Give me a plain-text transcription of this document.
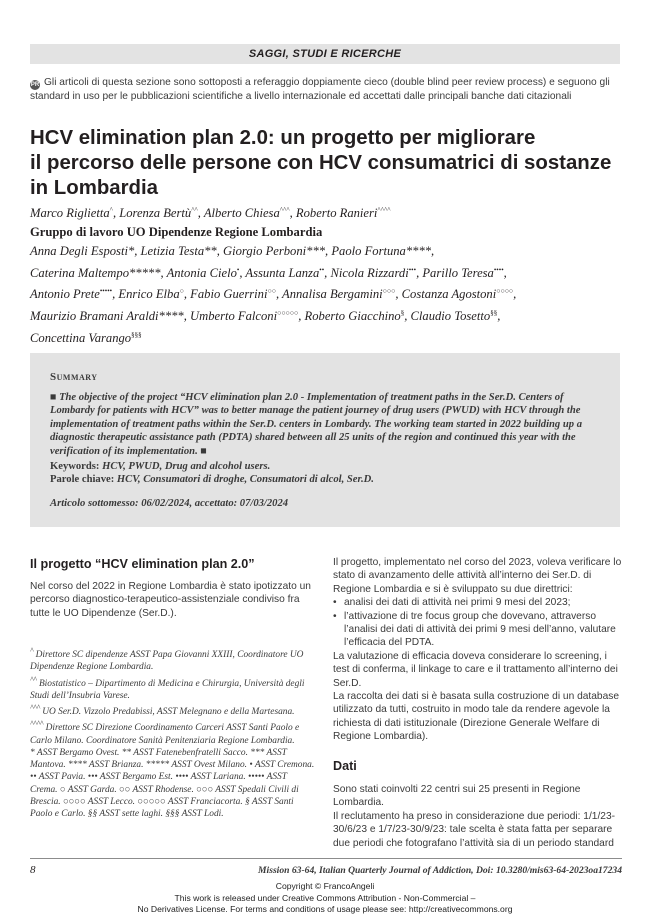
SAGGI, STUDI E RICERCHE
PR Gli articoli di questa sezione sono sottoposti a referaggio doppiamente cieco (double blind peer review process) e seguono gli standard in uso per le pubblicazioni scientifiche a livello internazionale ed accettati dalle principali banche dati citazionali
HCV elimination plan 2.0: un progetto per migliorare
il percorso delle persone con HCV consumatrici di sostanze
in Lombardia
Marco Riglietta^, Lorenza Bertù^^, Alberto Chiesa^^^, Roberto Ranieri^^^^
Gruppo di lavoro UO Dipendenze Regione Lombardia
Anna Degli Esposti*, Letizia Testa**, Giorgio Perboni***, Paolo Fortuna****,
Caterina Maltempo*****, Antonia Cielo•, Assunta Lanza••, Nicola Rizzardi•••, Parillo Teresa••••,
Antonio Prete•••••, Enrico Elba○, Fabio Guerrini○○, Annalisa Bergamini○○○, Costanza Agostoni○○○○,
Maurizio Bramani Araldi****, Umberto Falconi○○○○○, Roberto Giacchino§, Claudio Tosetto§§,
Concettina Varango§§§
Summary
■ The objective of the project “HCV elimination plan 2.0 - Implementation of treatment paths in the Ser.D. Centers of Lombardy for patients with HCV” was to better manage the patient journey of drug users (PWUD) with HCV through the implementation of treatment paths within the Ser.D. centers in Lombardy. The working team started in 2022 building up a diagnostic therapeutic assistance path (PDTA) shared between all 25 units of the region and continued this year with the verification of its implementation. ■
Keywords: HCV, PWUD, Drug and alcohol users.
Parole chiave: HCV, Consumatori di droghe, Consumatori di alcol, Ser.D.
Articolo sottomesso: 06/02/2024, accettato: 07/03/2024
Il progetto “HCV elimination plan 2.0”
Nel corso del 2022 in Regione Lombardia è stato ipotizzato un percorso diagnostico-terapeutico-assistenziale condiviso fra tutte le UO Dipendenze (Ser.D.).

^ Direttore SC dipendenze ASST Papa Giovanni XXIII, Coordinatore UO Dipendenze Regione Lombardia.

^^ Biostatistico – Dipartimento di Medicina e Chirurgia, Università degli Studi dell’Insubria Varese.

^^^ UO Ser.D. Vizzolo Predabissi, ASST Melegnano e della Martesana.

^^^^ Direttore SC Direzione Coordinamento Carceri ASST Santi Paolo e Carlo Milano. Coordinatore Sanità Penitenziaria Regione Lombardia.

* ASST Bergamo Ovest. ** ASST Fatenebenfratelli Sacco. *** ASST Mantova. **** ASST Brianza. ***** ASST Ovest Milano. • ASST Cremona. •• ASST Pavia. ••• ASST Bergamo Est. •••• ASST Lariana. ••••• ASST Crema. ○ ASST Garda. ○○ ASST Rhodense. ○○○ ASST Spedali Civili di Brescia. ○○○○ ASST Lecco. ○○○○○ ASST Franciacorta. § ASST Santi Paolo e Carlo. §§ ASST sette laghi. §§§ ASST Lodi.

Il progetto, implementato nel corso del 2023, voleva verificare lo stato di avanzamento delle attività all’interno dei Ser.D. di Regione Lombardia e si è sviluppato su due direttrici:

• analisi dei dati di attività nei primi 9 mesi del 2023;
• l’attivazione di tre focus group che dovevano, attraverso l’analisi dei dati di attività dei primi 9 mesi dell’anno, valutare l’efficacia del PDTA.

La valutazione di efficacia doveva considerare lo screening, i test di conferma, il linkage to care e il trattamento all’interno dei Ser.D.

La raccolta dei dati si è basata sulla costruzione di un database utilizzato da tutti, costruito in modo tale da rendere agevole la richiesta di dati istituzionale (Direzione Generale Welfare di Regione Lombardia).

Dati

Sono stati coinvolti 22 centri sui 25 presenti in Regione Lombardia.

Il reclutamento ha preso in considerazione due periodi: 1/1/23-30/6/23 e 1/7/23-30/9/23: tale scelta è stata fatta per separare due periodi che fotografano l’attività sia di un periodo standard

8	Mission 63-64, Italian Quarterly Journal of Addiction, Doi: 10.3280/mis63-64-2023oa17234
Copyright © FrancoAngeli
This work is released under Creative Commons Attribution - Non-Commercial –
No Derivatives License. For terms and conditions of usage please see: http://creativecommons.org
